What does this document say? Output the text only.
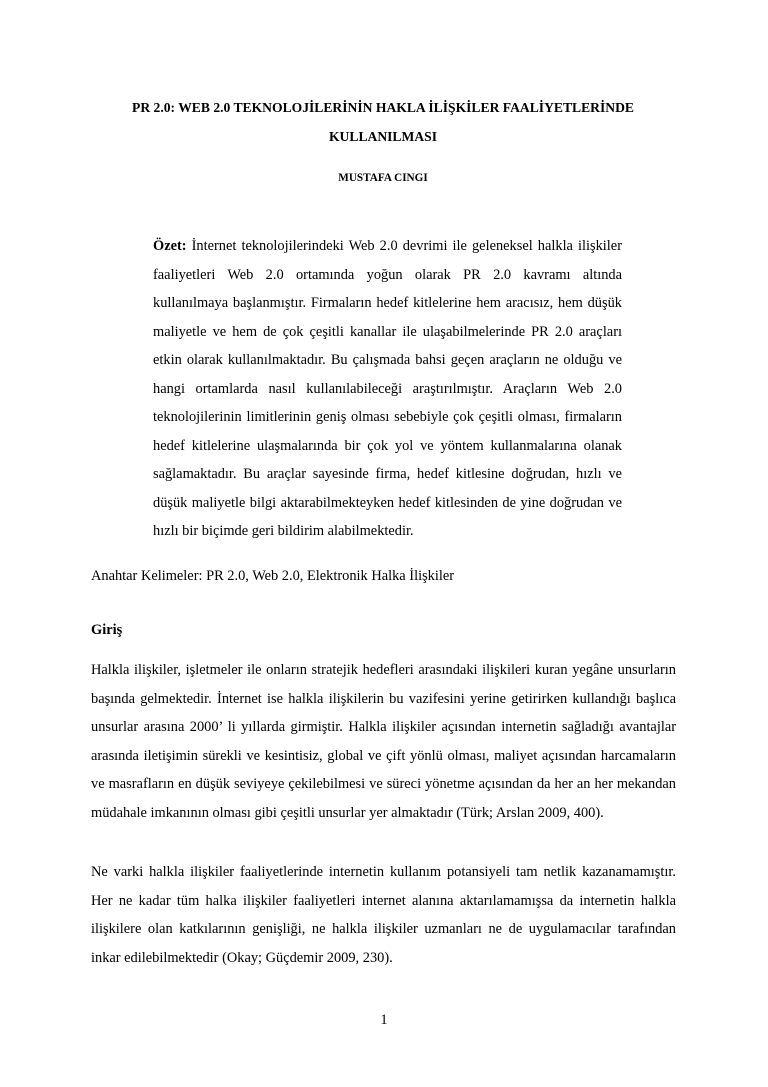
PR 2.0: WEB 2.0 TEKNOLOJİLERİNİN HAKLA İLİŞKİLER FAALİYETLERİNDE
KULLANILMASI
MUSTAFA CINGI
Özet: İnternet teknolojilerindeki Web 2.0 devrimi ile geleneksel halkla ilişkiler faaliyetleri Web 2.0 ortamında yoğun olarak PR 2.0 kavramı altında kullanılmaya başlanmıştır. Firmaların hedef kitlelerine hem aracısız, hem düşük maliyetle ve hem de çok çeşitli kanallar ile ulaşabilmelerinde PR 2.0 araçları etkin olarak kullanılmaktadır. Bu çalışmada bahsi geçen araçların ne olduğu ve hangi ortamlarda nasıl kullanılabileceği araştırılmıştır. Araçların Web 2.0 teknolojilerinin limitlerinin geniş olması sebebiyle çok çeşitli olması, firmaların hedef kitlelerine ulaşmalarında bir çok yol ve yöntem kullanmalarına olanak sağlamaktadır. Bu araçlar sayesinde firma, hedef kitlesine doğrudan, hızlı ve düşük maliyetle bilgi aktarabilmekteyken hedef kitlesinden de yine doğrudan ve hızlı bir biçimde geri bildirim alabilmektedir.
Anahtar Kelimeler: PR 2.0, Web 2.0, Elektronik Halka İlişkiler
Giriş
Halkla ilişkiler, işletmeler ile onların stratejik hedefleri arasındaki ilişkileri kuran yegâne unsurların başında gelmektedir. İnternet ise halkla ilişkilerin bu vazifesini yerine getirirken kullandığı başlıca unsurlar arasına 2000’ li yıllarda girmiştir. Halkla ilişkiler açısından internetin sağladığı avantajlar arasında iletişimin sürekli ve kesintisiz, global ve çift yönlü olması, maliyet açısından harcamaların ve masrafların en düşük seviyeye çekilebilmesi ve süreci yönetme açısından da her an her mekandan müdahale imkanının olması gibi çeşitli unsurlar yer almaktadır (Türk; Arslan 2009, 400).
Ne varki halkla ilişkiler faaliyetlerinde internetin kullanım potansiyeli tam netlik kazanamamıştır. Her ne kadar tüm halka ilişkiler faaliyetleri internet alanına aktarılamamışsa da internetin halkla ilişkilere olan katkılarının genişliği, ne halkla ilişkiler uzmanları ne de uygulamacılar tarafından inkar edilebilmektedir (Okay; Güçdemir 2009, 230).
1
